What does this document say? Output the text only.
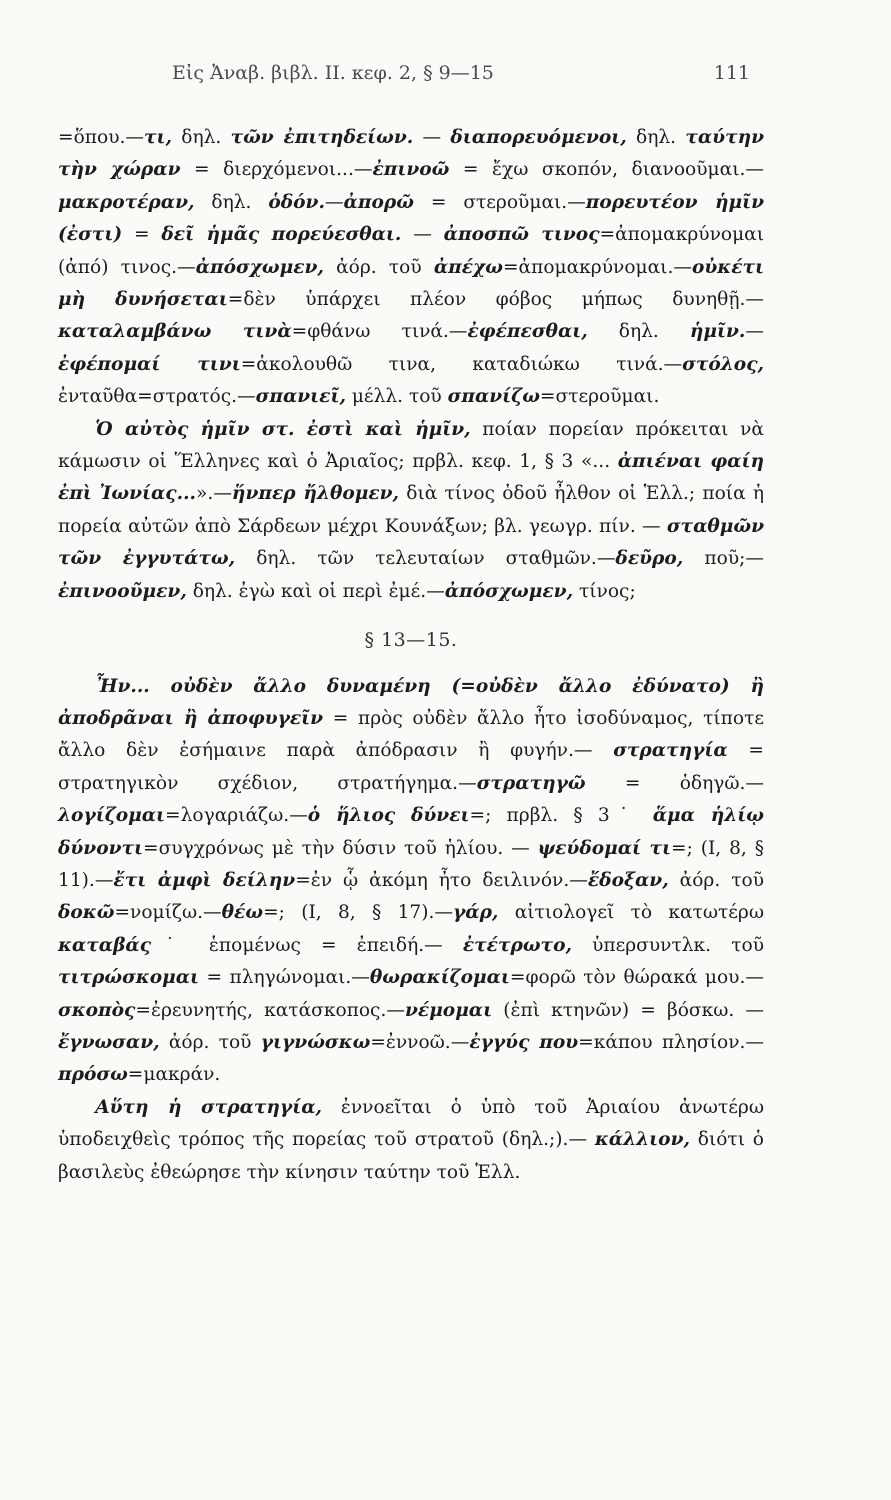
Εἰς Ἀναβ. βιβλ. ΙΙ. κεφ. 2, § 9—15	111

=ὅπου.—τι, δηλ. τῶν ἐπιτηδείων. — διαπορευόμενοι, δηλ. ταύτην τὴν χώραν = διερχόμενοι...—ἐπινοῶ = ἔχω σκοπόν, διανοοῦμαι.—μακροτέραν, δηλ. ὁδόν.—ἀπορῶ = στεροῦμαι.—πορευτέον ἡμῖν (ἐστι) = δεῖ ἡμᾶς πορεύεσθαι. — ἀποσπῶ τινος=ἀπομακρύνομαι (ἀπό) τινος.—ἀπόσχωμεν, ἀόρ. τοῦ ἀπέχω=ἀπομακρύνομαι.—οὐκέτι μὴ δυνήσεται=δὲν ὑπάρχει πλέον φόβος μήπως δυνηθῇ.—καταλαμβάνω τινὰ=φθάνω τινά.—ἐφέπεσθαι, δηλ. ἡμῖν.—ἐφέπομαί τινι=ἀκολουθῶ τινα, καταδιώκω τινά.—στόλος, ἐνταῦθα=στρατός.—σπανιεῖ, μέλλ. τοῦ σπανίζω=στεροῦμαι.

Ὁ αὐτὸς ἡμῖν στ. ἐστὶ καὶ ἡμῖν, ποίαν πορείαν πρόκειται νὰ κάμωσιν οἱ Ἕλληνες καὶ ὁ Ἀριαῖος; πρβλ. κεφ. 1, § 3 «... ἀπιέναι φαίη ἐπὶ Ἰωνίας...».—ἥνπερ ἤλθομεν, διὰ τίνος ὁδοῦ ἦλθον οἱ Ἑλλ.; ποία ἡ πορεία αὐτῶν ἀπὸ Σάρδεων μέχρι Κουνάξων; βλ. γεωγρ. πίν. — σταθμῶν τῶν ἐγγυτάτω, δηλ. τῶν τελευταίων σταθμῶν.—δεῦρο, ποῦ;—ἐπινοοῦμεν, δηλ. ἐγὼ καὶ οἱ περὶ ἐμέ.—ἀπόσχωμεν, τίνος;

§ 13—15.

Ἦν... οὐδὲν ἄλλο δυναμένη (=οὐδὲν ἄλλο ἐδύνατο) ἢ ἀποδρᾶναι ἢ ἀποφυγεῖν = πρὸς οὐδὲν ἄλλο ἦτο ἰσοδύναμος, τίποτε ἄλλο δὲν ἐσήμαινε παρὰ ἀπόδρασιν ἢ φυγήν.— στρατηγία = στρατηγικὸν σχέδιον, στρατήγημα.—στρατηγῶ = ὁδηγῶ.—λογίζομαι=λογαριάζω.—ὁ ἥλιος δύνει=; πρβλ. § 3˙ ἅμα ἡλίῳ δύνοντι=συγχρόνως μὲ τὴν δύσιν τοῦ ἡλίου. — ψεύδομαί τι=; (I, 8, § 11).—ἔτι ἀμφὶ δείλην=ἐν ᾧ ἀκόμη ἦτο δειλινόν.—ἔδοξαν, ἀόρ. τοῦ δοκῶ=νομίζω.—θέω=; (I, 8, § 17).—γάρ, αἰτιολογεῖ τὸ κατωτέρω καταβάς˙ ἑπομένως = ἐπειδή.— ἐτέτρωτο, ὑπερσυντλκ. τοῦ τιτρώσκομαι = πληγώνομαι.—θωρακίζομαι=φορῶ τὸν θώρακά μου.—σκοπὸς=ἐρευνητής, κατάσκοπος.—νέμομαι (ἐπὶ κτηνῶν) = βόσκω. — ἔγνωσαν, ἀόρ. τοῦ γιγνώσκω=ἐννοῶ.—ἐγγύς που=κάπου πλησίον.—πρόσω=μακράν.

Αὕτη ἡ στρατηγία, ἐννοεῖται ὁ ὑπὸ τοῦ Ἀριαίου ἀνωτέρω ὑποδειχθεὶς τρόπος τῆς πορείας τοῦ στρατοῦ (δηλ.;).— κάλλιον, διότι ὁ βασιλεὺς ἐθεώρησε τὴν κίνησιν ταύτην τοῦ Ἑλλ.
